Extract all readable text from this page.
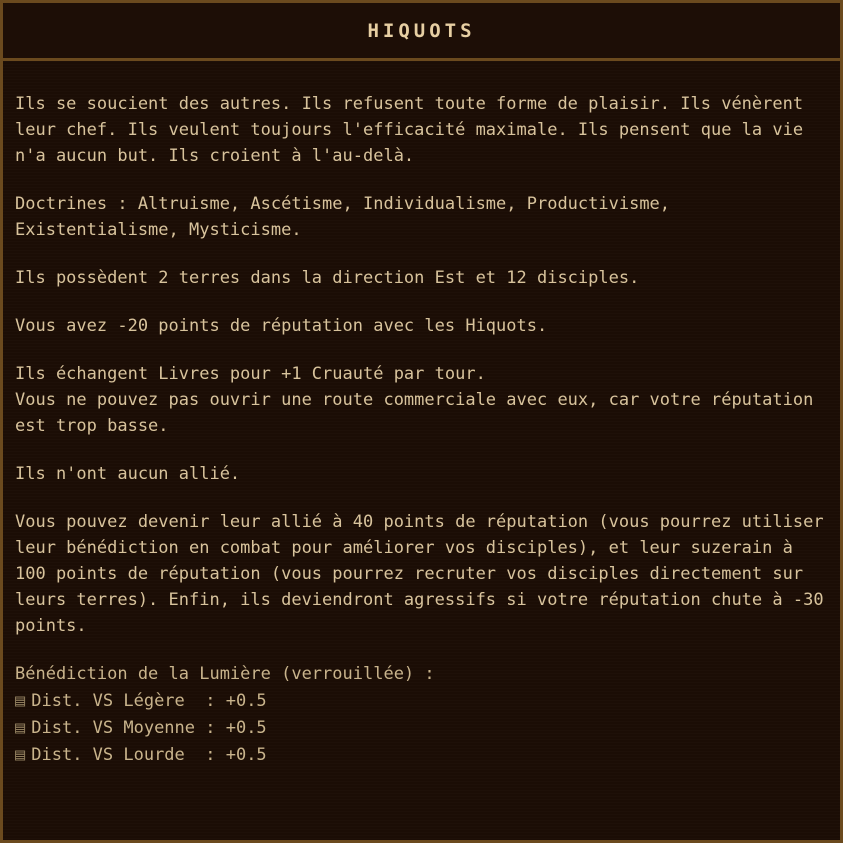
HIQUOTS

Ils se soucient des autres. Ils refusent toute forme de plaisir. Ils vénèrent leur chef. Ils veulent toujours l'efficacité maximale. Ils pensent que la vie n'a aucun but. Ils croient à l'au-delà.

Doctrines : Altruisme, Ascétisme, Individualisme, Productivisme, Existentialisme, Mysticisme.

Ils possèdent 2 terres dans la direction Est et 12 disciples.

Vous avez -20 points de réputation avec les Hiquots.

Ils échangent Livres pour +1 Cruauté par tour.

Vous ne pouvez pas ouvrir une route commerciale avec eux, car votre réputation est trop basse.

Ils n'ont aucun allié.

Vous pouvez devenir leur allié à 40 points de réputation (vous pourrez utiliser leur bénédiction en combat pour améliorer vos disciples), et leur suzerain à 100 points de réputation (vous pourrez recruter vos disciples directement sur leurs terres). Enfin, ils deviendront agressifs si votre réputation chute à -30 points.

Bénédiction de la Lumière (verrouillée) :
▤ Dist. VS Légère  : +0.5
▤ Dist. VS Moyenne : +0.5
▤ Dist. VS Lourde  : +0.5
